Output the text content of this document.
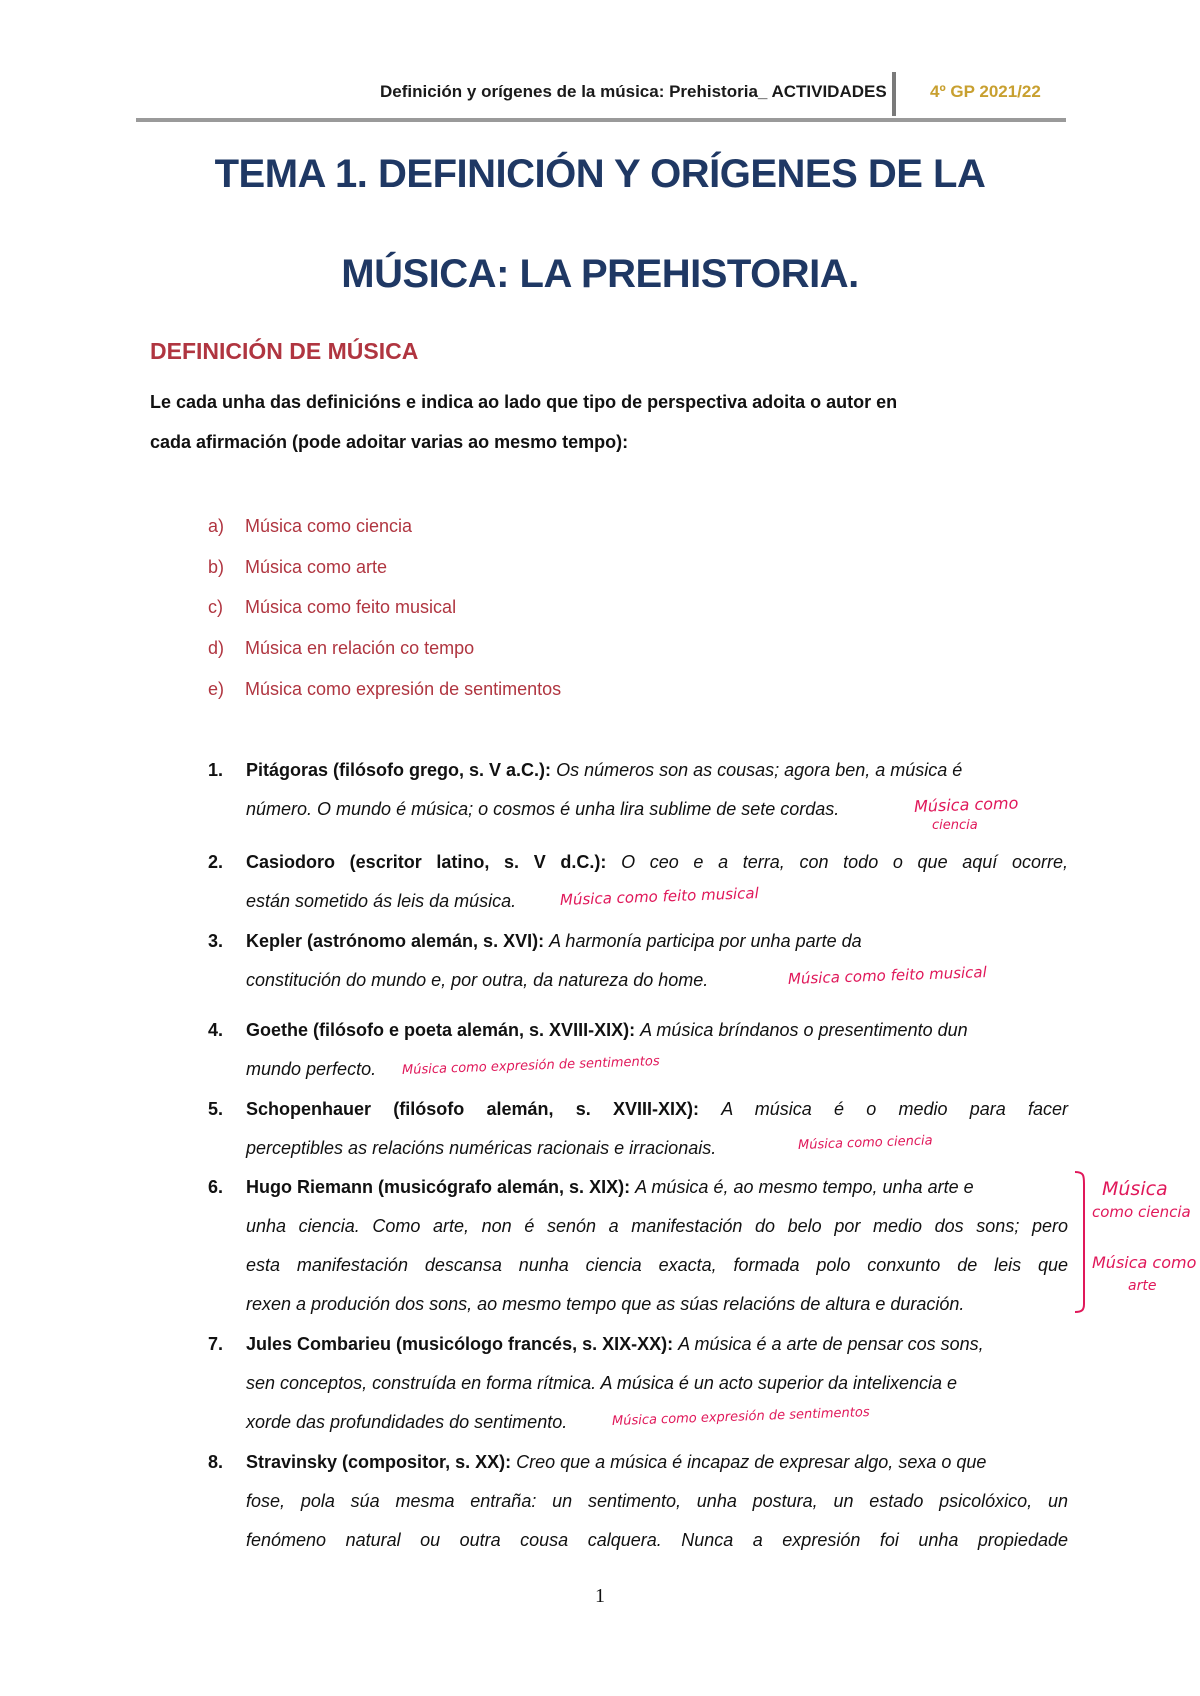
Definición y orígenes de la música: Prehistoria_ ACTIVIDADES	4º GP 2021/22
TEMA 1. DEFINICIÓN Y ORÍGENES DE LA
MÚSICA: LA PREHISTORIA.
DEFINICIÓN DE MÚSICA
Le cada unha das definicións e indica ao lado que tipo de perspectiva adoita o autor en
cada afirmación (pode adoitar varias ao mesmo tempo):
a) Música como ciencia
b) Música como arte
c) Música como feito musical
d) Música en relación co tempo
e) Música como expresión de sentimentos
1. Pitágoras (filósofo grego, s. V a.C.): Os números son as cousas; agora ben, a música é
número. O mundo é música; o cosmos é unha lira sublime de sete cordas.	Música como
ciencia
2. Casiodoro (escritor latino, s. V d.C.): O ceo e a terra, con todo o que aquí ocorre,
están sometido ás leis da música.	Música como feito musical
3. Kepler (astrónomo alemán, s. XVI): A harmonía participa por unha parte da
constitución do mundo e, por outra, da natureza do home.	Música como feito musical
4. Goethe (filósofo e poeta alemán, s. XVIII-XIX): A música bríndanos o presentimento dun
mundo perfecto.	Música como expresión de sentimentos
5. Schopenhauer (filósofo alemán, s. XVIII-XIX): A música é o medio para facer
perceptibles as relacións numéricas racionais e irracionais.	Música como ciencia
6. Hugo Riemann (musicógrafo alemán, s. XIX): A música é, ao mesmo tempo, unha arte e
unha ciencia. Como arte, non é senón a manifestación do belo por medio dos sons; pero
esta manifestación descansa nunha ciencia exacta, formada polo conxunto de leis que
rexen a produción dos sons, ao mesmo tempo que as súas relacións de altura e duración.
Música
como ciencia
Música como
arte
7. Jules Combarieu (musicólogo francés, s. XIX-XX): A música é a arte de pensar cos sons,
sen conceptos, construída en forma rítmica. A música é un acto superior da intelixencia e
xorde das profundidades do sentimento.	Música como expresión de sentimentos
8. Stravinsky (compositor, s. XX): Creo que a música é incapaz de expresar algo, sexa o que
fose, pola súa mesma entraña: un sentimento, unha postura, un estado psicolóxico, un
fenómeno natural ou outra cousa calquera. Nunca a expresión foi unha propiedade
1
